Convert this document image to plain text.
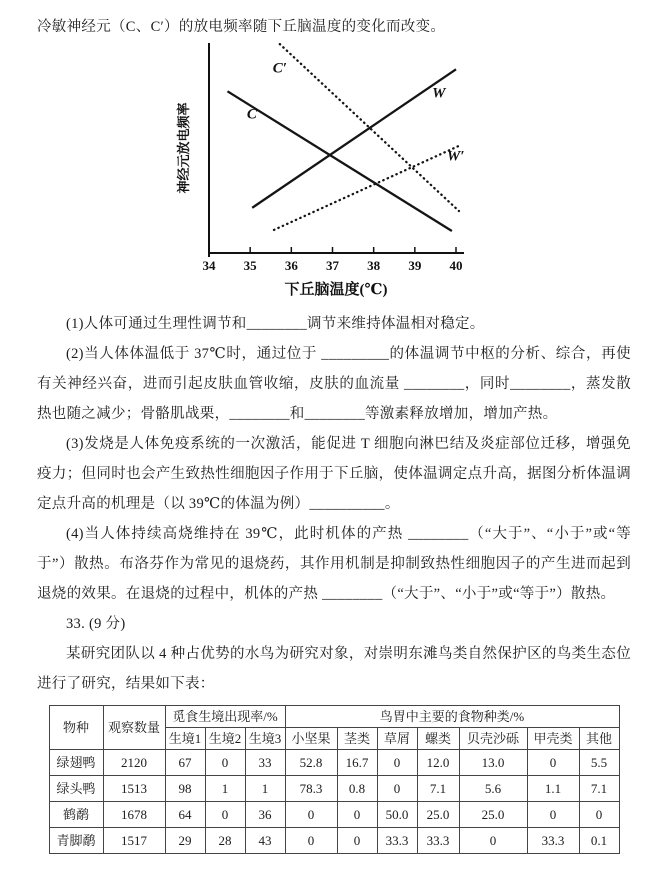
冷敏神经元（C、C′）的放电频率随下丘脑温度的变化而改变。

34 35 36 37 38 39 40
C
C′
W
W′
下丘脑温度(℃)
神经元放电频率

(1)人体可通过生理性调节和________调节来维持体温相对稳定。

(2)当人体体温低于 37℃时，通过位于 _________的体温调节中枢的分析、综合，再使有关神经兴奋，进而引起皮肤血管收缩，皮肤的血流量 ________，同时________，蒸发散热也随之减少；骨骼肌战栗，________和________等激素释放增加，增加产热。

(3)发烧是人体免疫系统的一次激活，能促进 T 细胞向淋巴结及炎症部位迁移，增强免疫力；但同时也会产生致热性细胞因子作用于下丘脑，使体温调定点升高，据图分析体温调定点升高的机理是（以 39℃的体温为例）__________。

(4)当人体持续高烧维持在 39℃，此时机体的产热 ________（“大于”、“小于”或“等于”）散热。布洛芬作为常见的退烧药，其作用机制是抑制致热性细胞因子的产生进而起到退烧的效果。在退烧的过程中，机体的产热 ________（“大于”、“小于”或“等于”）散热。

33. (9 分)

某研究团队以 4 种占优势的水鸟为研究对象，对崇明东滩鸟类自然保护区的鸟类生态位进行了研究，结果如下表：

物种	观察数量	觅食生境出现率/%			鸟胃中主要的食物种类/%						
		生境1	生境2	生境3	小坚果	茎类	草屑	螺类	贝壳沙砾	甲壳类	其他
绿翅鸭	2120	67	0	33	52.8	16.7	0	12.0	13.0	0	5.5
绿头鸭	1513	98	1	1	78.3	0.8	0	7.1	5.6	1.1	7.1
鹤鹬	1678	64	0	36	0	0	50.0	25.0	25.0	0	0
青脚鹬	1517	29	28	43	0	0	33.3	33.3	0	33.3	0.1
